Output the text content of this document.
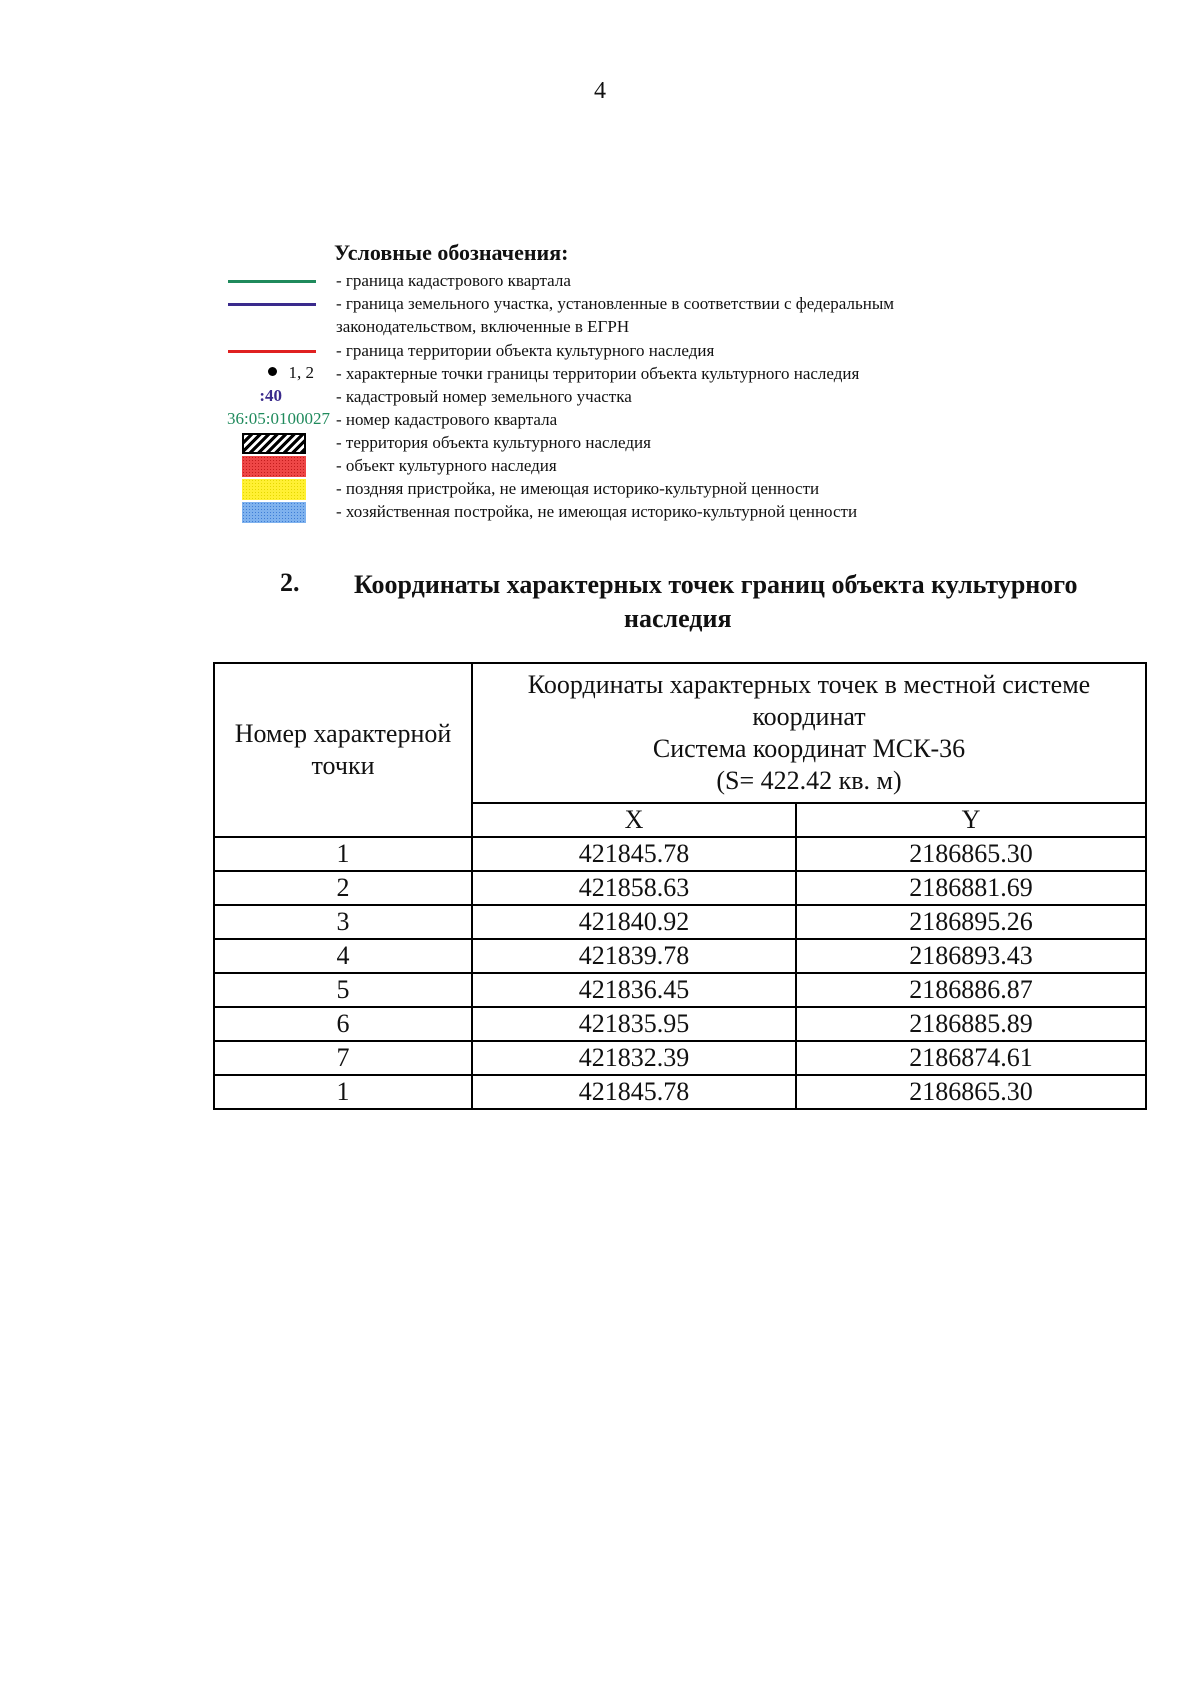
4
Условные обозначения:
- граница кадастрового квартала
- граница земельного участка, установленные в соответствии с федеральным
законодательством, включенные в ЕГРН
- граница территории объекта культурного наследия
1, 2 - характерные точки границы территории объекта культурного наследия
:40	- кадастровый номер земельного участка
36:05:0100027 - номер кадастрового квартала
- территория объекта культурного наследия
- объект культурного наследия
- поздняя пристройка, не имеющая историко-культурной ценности
- хозяйственная постройка, не имеющая историко-культурной ценности
2. Координаты характерных точек границ объекта культурного
наследия
Номер характерной точки	Координаты характерных точек в местной системе
координат
Система координат МСК-36
(S= 422.42 кв. м)	

	X	Y
1	421845.78	2186865.30
2	421858.63	2186881.69
3	421840.92	2186895.26
4	421839.78	2186893.43
5	421836.45	2186886.87
6	421835.95	2186885.89
7	421832.39	2186874.61
1	421845.78	2186865.30
